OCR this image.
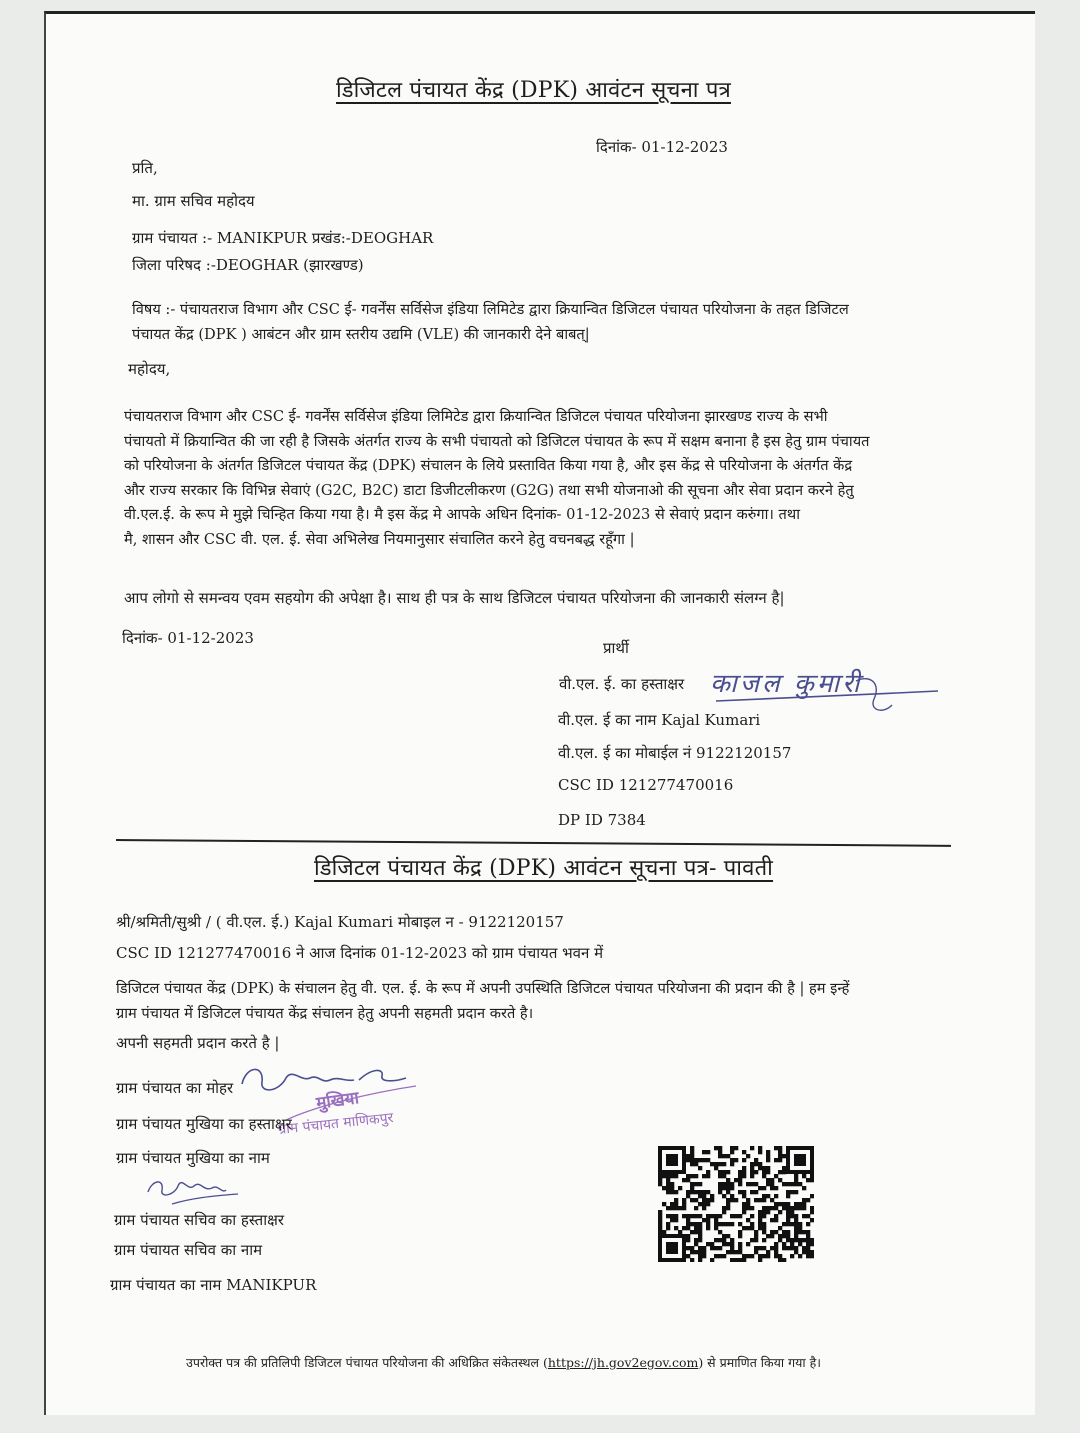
डिजिटल पंचायत केंद्र (DPK) आवंटन सूचना पत्र
दिनांक- 01-12-2023
प्रति,
मा. ग्राम सचिव महोदय
ग्राम पंचायत :- MANIKPUR प्रखंड:-DEOGHAR
जिला परिषद :-DEOGHAR (झारखण्ड)
विषय :- पंचायतराज विभाग और CSC ई- गवर्नेंस सर्विसेज इंडिया लिमिटेड द्वारा क्रियान्वित डिजिटल पंचायत परियोजना के तहत डिजिटल
पंचायत केंद्र (DPK ) आबंटन और ग्राम स्तरीय उद्यमि (VLE) की जानकारी देने बाबत्|
महोदय,
पंचायतराज विभाग और CSC ई- गवर्नेंस सर्विसेज इंडिया लिमिटेड द्वारा क्रियान्वित डिजिटल पंचायत परियोजना झारखण्ड राज्य के सभी
पंचायतो में क्रियान्वित की जा रही है जिसके अंतर्गत राज्य के सभी पंचायतो को डिजिटल पंचायत के रूप में सक्षम बनाना है इस हेतु ग्राम पंचायत
को परियोजना के अंतर्गत डिजिटल पंचायत केंद्र (DPK) संचालन के लिये प्रस्तावित किया गया है, और इस केंद्र से परियोजना के अंतर्गत केंद्र
और राज्य सरकार कि विभिन्न सेवाएं (G2C, B2C) डाटा डिजीटलीकरण (G2G) तथा सभी योजनाओ की सूचना और सेवा प्रदान करने हेतु
वी.एल.ई. के रूप मे मुझे चिन्हित किया गया है। मै इस केंद्र मे आपके अधिन दिनांक- 01-12-2023 से सेवाएं प्रदान करुंगा। तथा
मै, शासन और CSC वी. एल. ई. सेवा अभिलेख नियमानुसार संचालित करने हेतु वचनबद्ध रहूँगा |
आप लोगो से समन्वय एवम सहयोग की अपेक्षा है। साथ ही पत्र के साथ डिजिटल पंचायत परियोजना की जानकारी संलग्न है|
दिनांक- 01-12-2023
प्रार्थी
वी.एल. ई. का हस्ताक्षर काजल कुमारी
वी.एल. ई का नाम Kajal Kumari
वी.एल. ई का मोबाईल नं 9122120157
CSC ID 121277470016
DP ID 7384
डिजिटल पंचायत केंद्र (DPK) आवंटन सूचना पत्र- पावती
श्री/श्रमिती/सुश्री / ( वी.एल. ई.) Kajal Kumari मोबाइल न - 9122120157
CSC ID 121277470016 ने आज दिनांक 01-12-2023 को ग्राम पंचायत भवन में
डिजिटल पंचायत केंद्र (DPK) के संचालन हेतु वी. एल. ई. के रूप में अपनी उपस्थिति डिजिटल पंचायत परियोजना की प्रदान की है | हम इन्हें
ग्राम पंचायत में डिजिटल पंचायत केंद्र संचालन हेतु अपनी सहमती प्रदान करते है।
अपनी सहमती प्रदान करते है |
ग्राम पंचायत का मोहर
मुखिया
ग्राम पंचायत माणिकपुर
ग्राम पंचायत मुखिया का हस्ताक्षर
ग्राम पंचायत मुखिया का नाम
ग्राम पंचायत सचिव का हस्ताक्षर
ग्राम पंचायत सचिव का नाम
ग्राम पंचायत का नाम MANIKPUR
उपरोक्त पत्र की प्रतिलिपी डिजिटल पंचायत परियोजना की अधिक्रित संकेतस्थल (https://jh.gov2egov.com) से प्रमाणित किया गया है।
